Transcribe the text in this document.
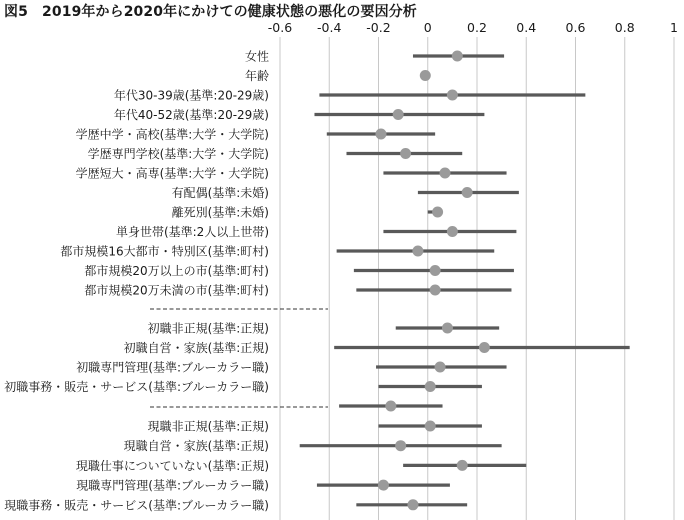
図5　2019年から2020年にかけての健康状態の悪化の要因分析
-0.6 -0.4 -0.2	0	0.2 0.4 0.6 0.8	1
女性
年齢
年代30-39歳(基準:20-29歳)
年代40-52歳(基準:20-29歳)
学歴中学・高校(基準:大学・大学院)
学歴専門学校(基準:大学・大学院)
学歴短大・高専(基準:大学・大学院)
有配偶(基準:未婚)
離死別(基準:未婚)
単身世帯(基準:2人以上世帯)
都市規模16大都市・特別区(基準:町村)
都市規模20万以上の市(基準:町村)
都市規模20万未満の市(基準:町村)
初職非正規(基準:正規)
初職自営・家族(基準:正規)
初職専門管理(基準:ブルーカラー職)
初職事務・販売・サービス(基準:ブルーカラー職)
現職非正規(基準:正規)
現職自営・家族(基準:正規)
現職仕事についていない(基準:正規)
現職専門管理(基準:ブルーカラー職)
現職事務・販売・サービス(基準:ブルーカラー職)
